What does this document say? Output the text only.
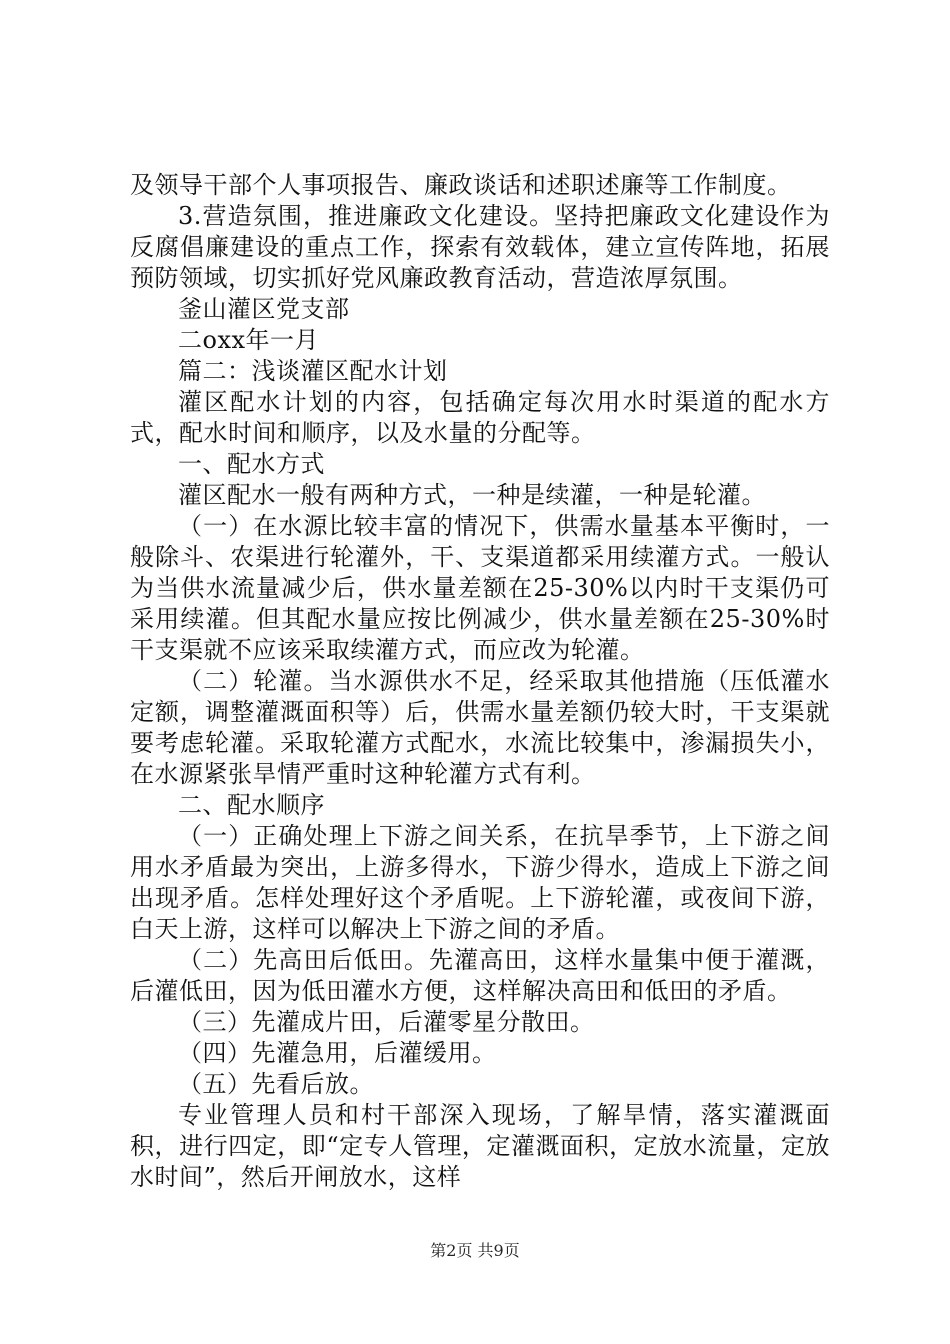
及领导干部个人事项报告、廉政谈话和述职述廉等工作制度。

3.营造氛围，推进廉政文化建设。坚持把廉政文化建设作为反腐倡廉建设的重点工作，探索有效载体，建立宣传阵地，拓展预防领域，切实抓好党风廉政教育活动，营造浓厚氛围。

釜山灌区党支部

二oxx年一月

篇二：浅谈灌区配水计划

灌区配水计划的内容，包括确定每次用水时渠道的配水方式，配水时间和顺序，以及水量的分配等。

一、配水方式

灌区配水一般有两种方式，一种是续灌，一种是轮灌。

（一）在水源比较丰富的情况下，供需水量基本平衡时，一般除斗、农渠进行轮灌外，干、支渠道都采用续灌方式。一般认为当供水流量减少后，供水量差额在25-30%以内时干支渠仍可采用续灌。但其配水量应按比例减少，供水量差额在25-30%时干支渠就不应该采取续灌方式，而应改为轮灌。

（二）轮灌。当水源供水不足，经采取其他措施（压低灌水定额，调整灌溉面积等）后，供需水量差额仍较大时，干支渠就要考虑轮灌。采取轮灌方式配水，水流比较集中，渗漏损失小，在水源紧张旱情严重时这种轮灌方式有利。

二、配水顺序

（一）正确处理上下游之间关系，在抗旱季节，上下游之间用水矛盾最为突出，上游多得水，下游少得水，造成上下游之间出现矛盾。怎样处理好这个矛盾呢。上下游轮灌，或夜间下游，白天上游，这样可以解决上下游之间的矛盾。

（二）先高田后低田。先灌高田，这样水量集中便于灌溉，后灌低田，因为低田灌水方便，这样解决高田和低田的矛盾。

（三）先灌成片田，后灌零星分散田。

（四）先灌急用，后灌缓用。

（五）先看后放。

专业管理人员和村干部深入现场，了解旱情，落实灌溉面积，进行四定，即“定专人管理，定灌溉面积，定放水流量，定放水时间”，然后开闸放水，这样

第2页 共9页
